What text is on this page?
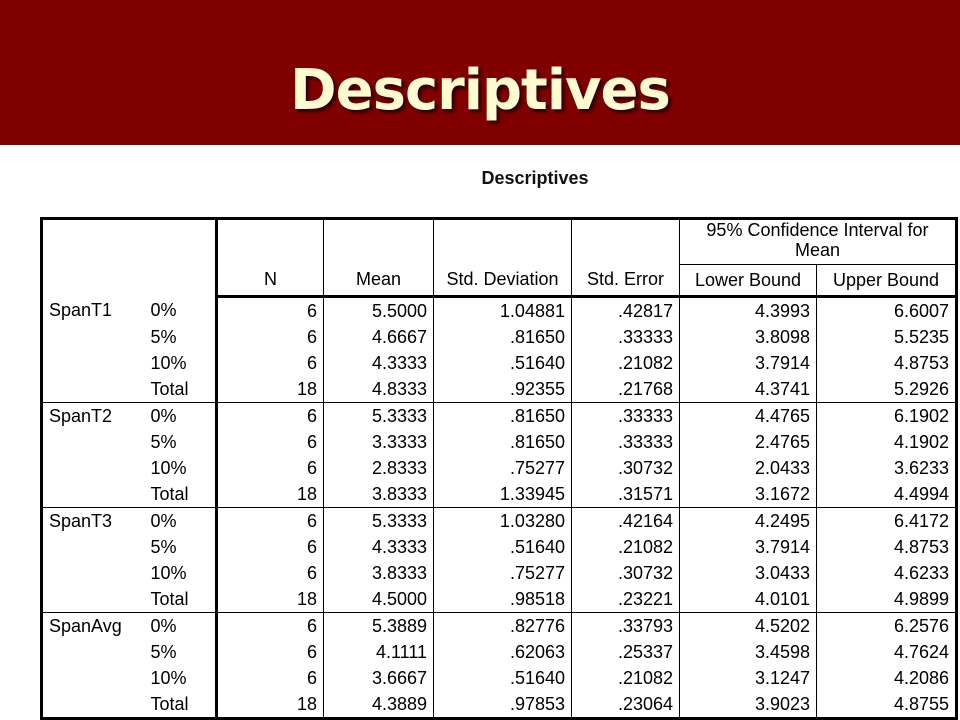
Descriptives
Descriptives
						95% Confidence Interval for Mean	
		N	Mean	Std. Deviation	Std. Error	Lower Bound	Upper Bound
SpanT1	0%	6	5.5000	1.04881	.42817	4.3993	6.6007
	5%	6	4.6667	.81650	.33333	3.8098	5.5235
	10%	6	4.3333	.51640	.21082	3.7914	4.8753
	Total	18	4.8333	.92355	.21768	4.3741	5.2926
SpanT2	0%	6	5.3333	.81650	.33333	4.4765	6.1902
	5%	6	3.3333	.81650	.33333	2.4765	4.1902
	10%	6	2.8333	.75277	.30732	2.0433	3.6233
	Total	18	3.8333	1.33945	.31571	3.1672	4.4994
SpanT3	0%	6	5.3333	1.03280	.42164	4.2495	6.4172
	5%	6	4.3333	.51640	.21082	3.7914	4.8753
	10%	6	3.8333	.75277	.30732	3.0433	4.6233
	Total	18	4.5000	.98518	.23221	4.0101	4.9899
SpanAvg	0%	6	5.3889	.82776	.33793	4.5202	6.2576
	5%	6	4.1111	.62063	.25337	3.4598	4.7624
	10%	6	3.6667	.51640	.21082	3.1247	4.2086
	Total	18	4.3889	.97853	.23064	3.9023	4.8755
